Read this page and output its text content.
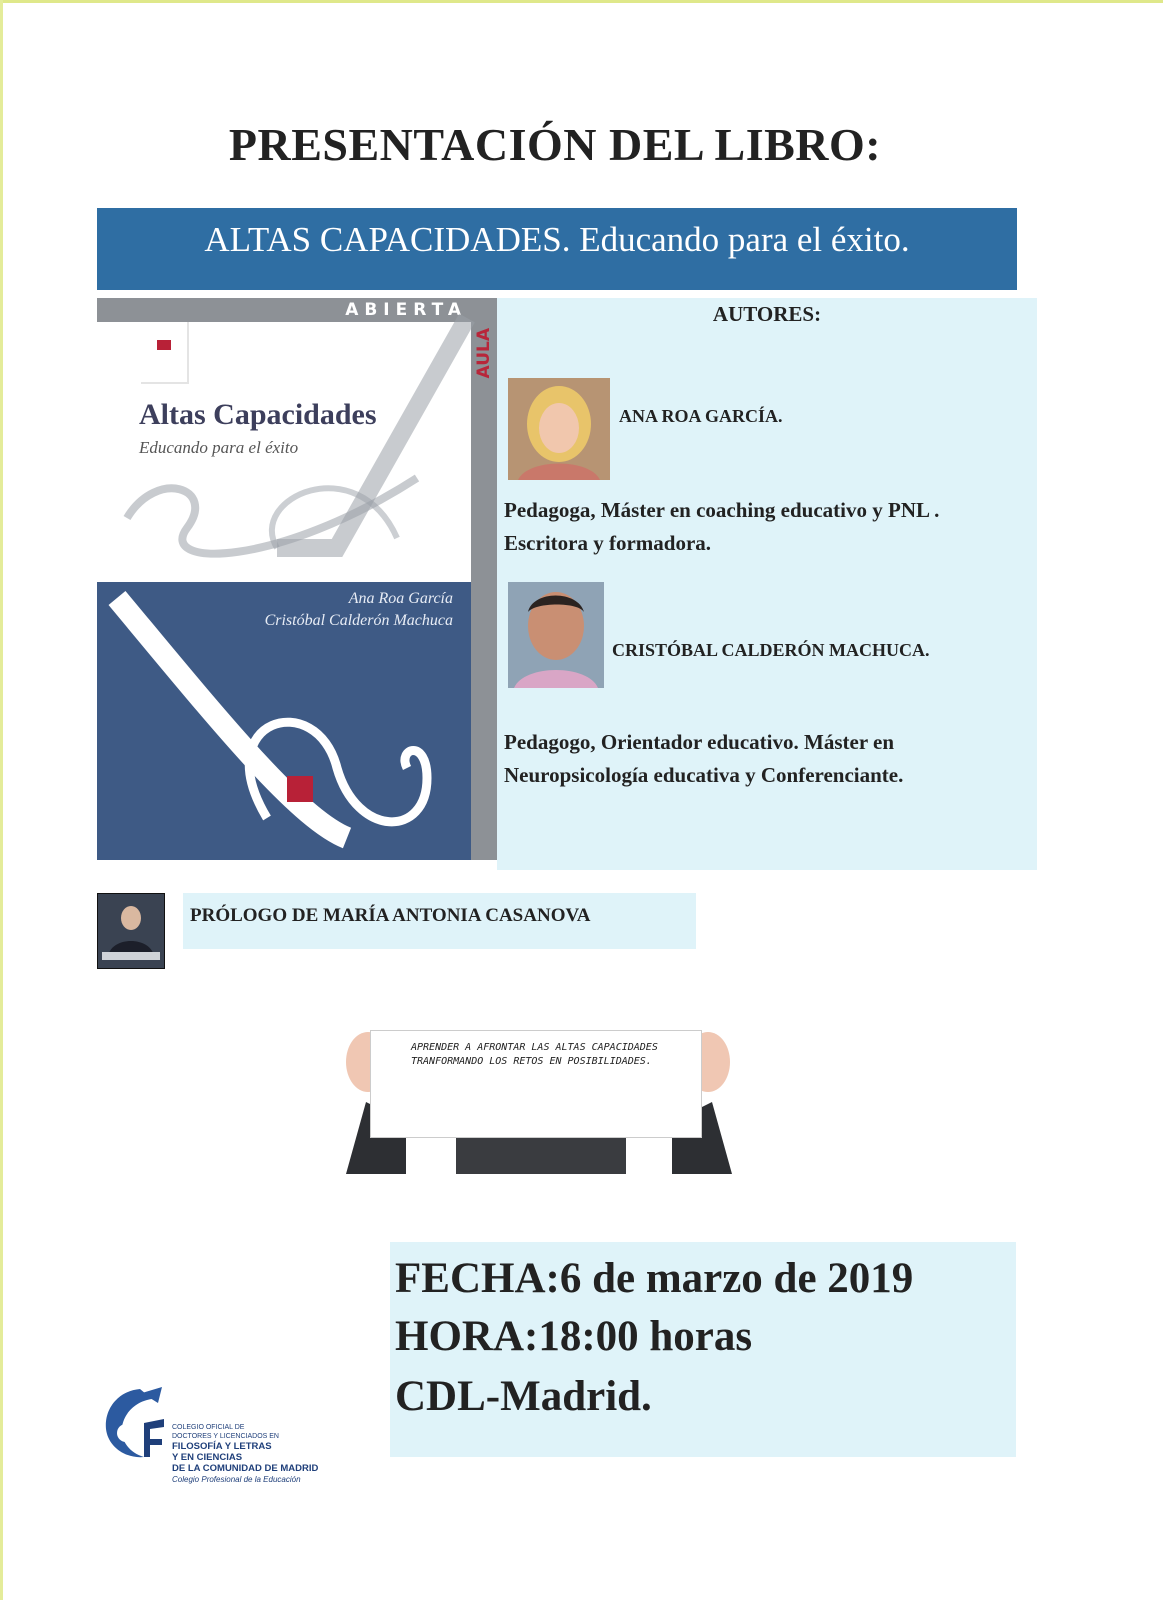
PRESENTACIÓN DEL LIBRO:
ALTAS CAPACIDADES. Educando para el éxito.
ABIERTA
AULA
Altas Capacidades
Educando para el éxito
Ana Roa García
Cristóbal Calderón Machuca
AUTORES:
ANA ROA GARCÍA.
Pedagoga, Máster en coaching educativo y PNL . Escritora y formadora.
CRISTÓBAL CALDERÓN MACHUCA.
Pedagogo, Orientador educativo. Máster en Neuropsicología educativa y Conferenciante.
PRÓLOGO DE MARÍA ANTONIA CASANOVA
APRENDER A AFRONTAR LAS ALTAS CAPACIDADES TRANFORMANDO LOS RETOS EN POSIBILIDADES.
FECHA:6 de marzo de 2019
HORA:18:00 horas
CDL-Madrid.
COLEGIO OFICIAL DE
DOCTORES Y LICENCIADOS EN
FILOSOFÍA Y LETRAS
Y EN CIENCIAS
DE LA COMUNIDAD DE MADRID
Colegio Profesional de la Educación
